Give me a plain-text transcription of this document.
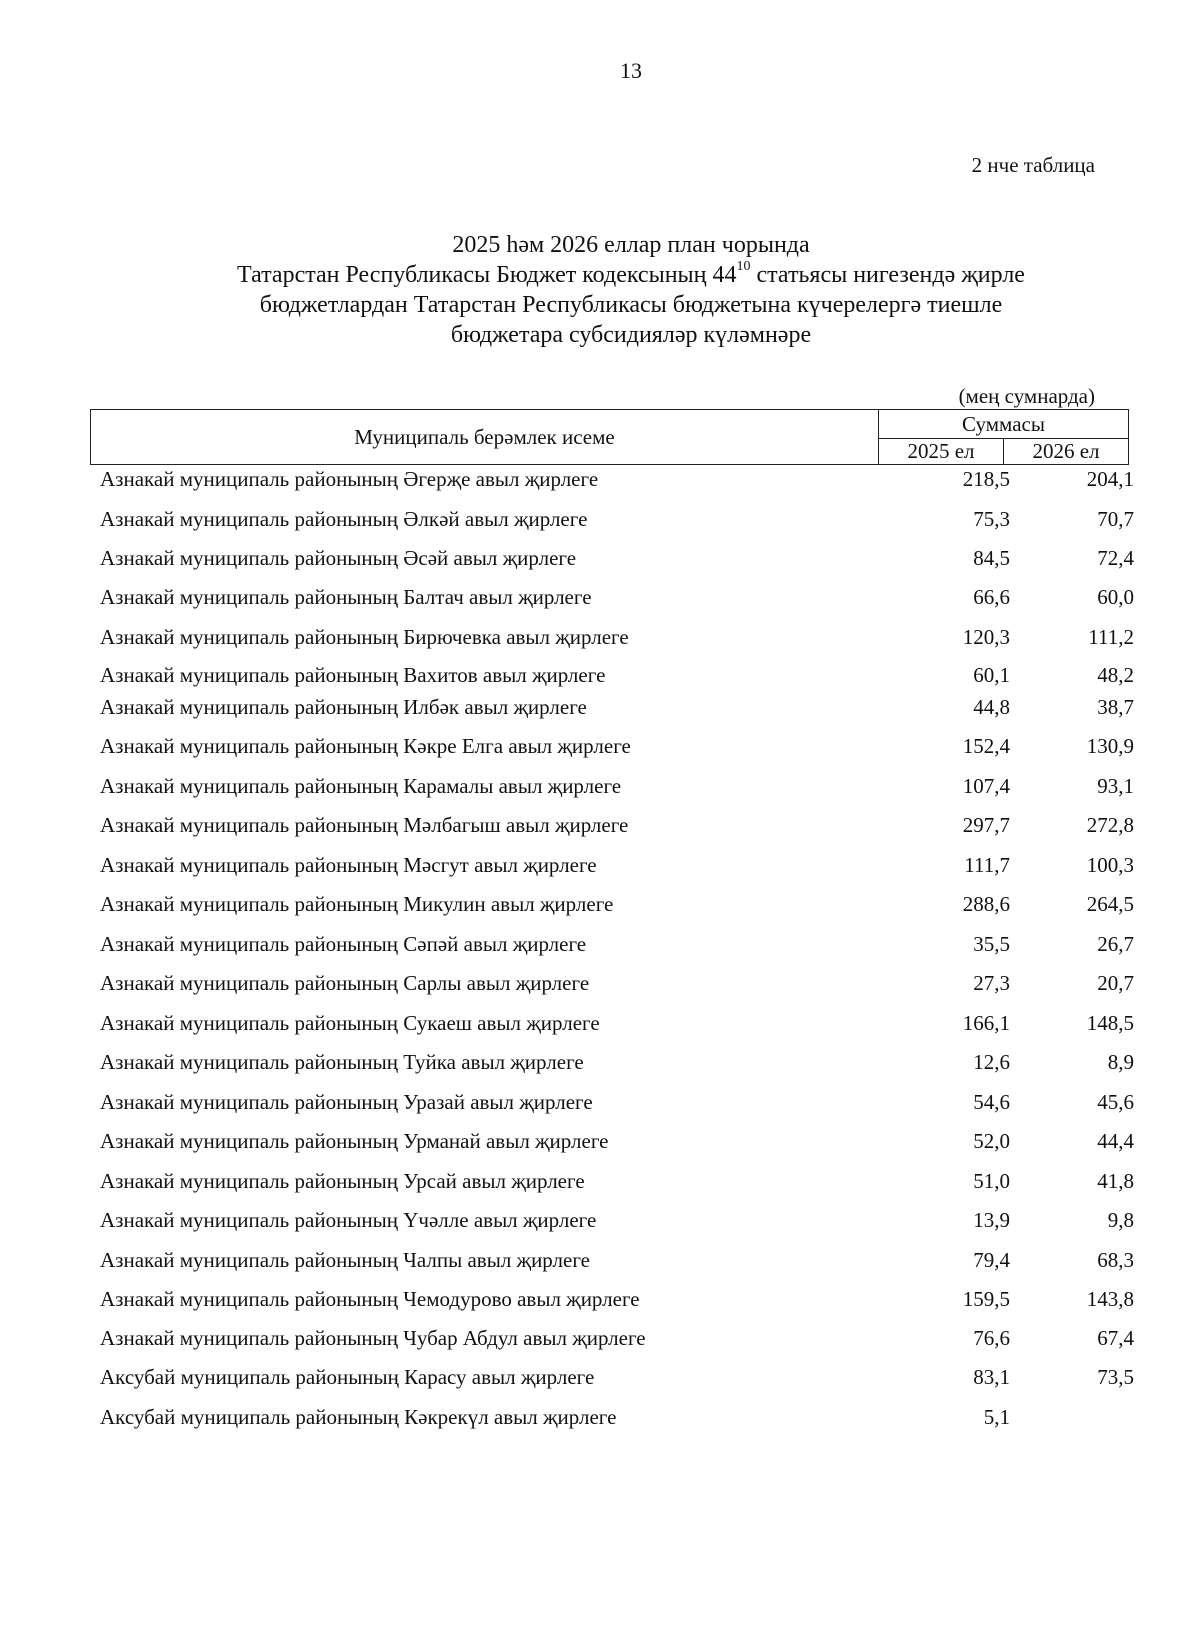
13
2 нче таблица
2025 һәм 2026 еллар план чорында
Татарстан Республикасы Бюджет кодексының $44^{10}$ статьясы нигезендә җирле
бюджетлардан Татарстан Республикасы бюджетына күчерелергә тиешле
бюджетара субсидияләр күләмнәре
(мең сумнарда)
Муниципаль берәмлек исеме	Суммасы	
	2025 ел	2026 ел
Азнакай муниципаль районының Әгерҗе авыл җирлеге	218,5	204,1
Азнакай муниципаль районының Әлкәй авыл җирлеге	75,3	70,7
Азнакай муниципаль районының Әсәй авыл җирлеге	84,5	72,4
Азнакай муниципаль районының Балтач авыл җирлеге	66,6	60,0
Азнакай муниципаль районының Бирючевка авыл җирлеге	120,3	111,2
Азнакай муниципаль районының Вахитов авыл җирлеге	60,1	48,2
Азнакай муниципаль районының Илбәк авыл җирлеге	44,8	38,7
Азнакай муниципаль районының Кәкре Елга авыл җирлеге	152,4	130,9
Азнакай муниципаль районының Карамалы авыл җирлеге	107,4	93,1
Азнакай муниципаль районының Мәлбагыш авыл җирлеге	297,7	272,8
Азнакай муниципаль районының Мәсгут авыл җирлеге	111,7	100,3
Азнакай муниципаль районының Микулин авыл җирлеге	288,6	264,5
Азнакай муниципаль районының Сәпәй авыл җирлеге	35,5	26,7
Азнакай муниципаль районының Сарлы авыл җирлеге	27,3	20,7
Азнакай муниципаль районының Сукаеш авыл җирлеге	166,1	148,5
Азнакай муниципаль районының Туйка авыл җирлеге	12,6	8,9
Азнакай муниципаль районының Уразай авыл җирлеге	54,6	45,6
Азнакай муниципаль районының Урманай авыл җирлеге	52,0	44,4
Азнакай муниципаль районының Урсай авыл җирлеге	51,0	41,8
Азнакай муниципаль районының Үчәлле авыл җирлеге	13,9	9,8
Азнакай муниципаль районының Чалпы авыл җирлеге	79,4	68,3
Азнакай муниципаль районының Чемодурово авыл җирлеге	159,5	143,8
Азнакай муниципаль районының Чубар Абдул авыл җирлеге	76,6	67,4
Аксубай муниципаль районының Карасу авыл җирлеге	83,1	73,5
Аксубай муниципаль районының Кәкрекүл авыл җирлеге	5,1
